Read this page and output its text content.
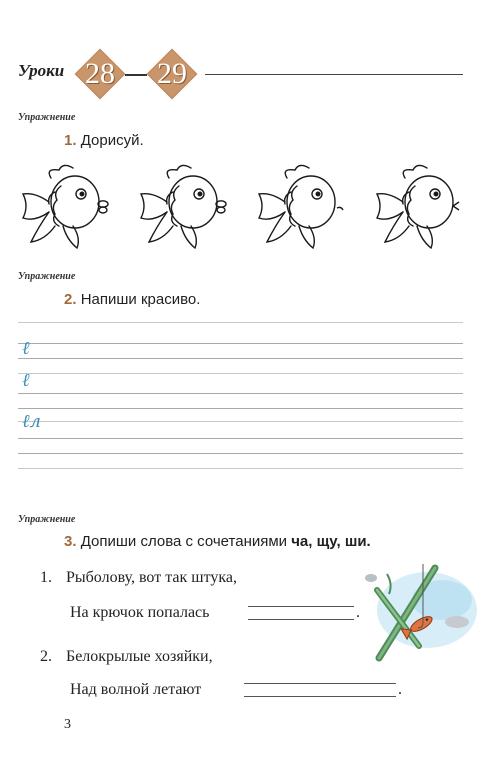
Уроки 28	29
Упражнение
1. Дорисуй.
Упражнение
2. Напиши красиво.
ℓ
ℓ
ℓл
Упражнение
3. Допиши слова с сочетаниями ча, щу, ши.
1. Рыболову, вот так штука,
На крючок попалась	.
2. Белокрылые хозяйки,
Над волной летают	.
3
